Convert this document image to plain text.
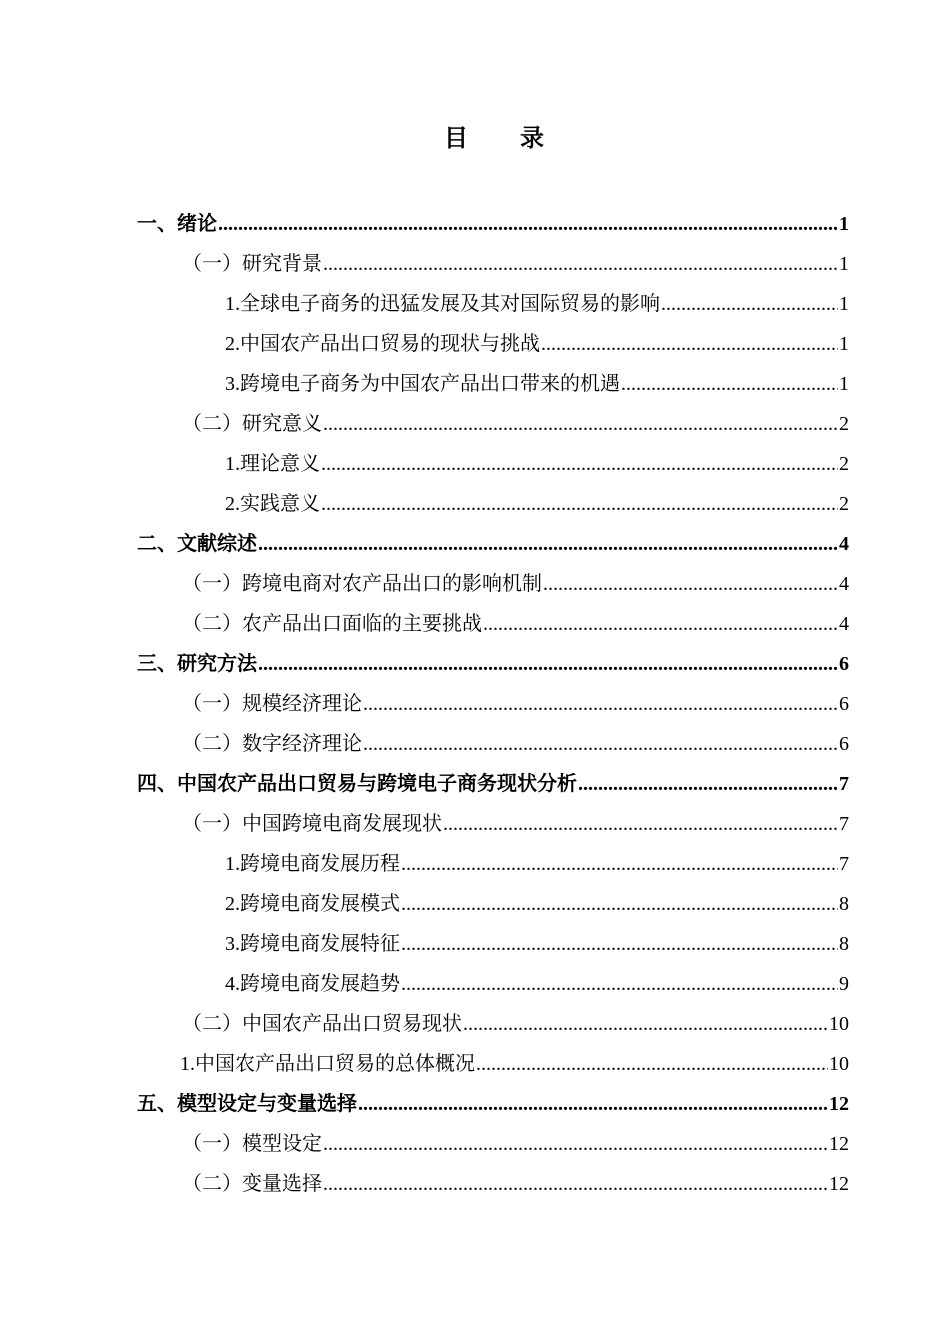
目 录
一、绪论 .....	1
（一）研究背景 .....	1
1.全球电子商务的迅猛发展及其对国际贸易的影响 .....	1
2.中国农产品出口贸易的现状与挑战 .....	1
3.跨境电子商务为中国农产品出口带来的机遇 .....	1
（二）研究意义 .....	2
1.理论意义 .....	2
2.实践意义 .....	2
二、文献综述 .....	4
（一）跨境电商对农产品出口的影响机制 .....	4
（二）农产品出口面临的主要挑战 .....	4
三、研究方法 .....	6
（一）规模经济理论 .....	6
（二）数字经济理论 .....	6
四、中国农产品出口贸易与跨境电子商务现状分析 .....	7
（一）中国跨境电商发展现状 .....	7
1.跨境电商发展历程 .....	7
2.跨境电商发展模式 .....	8
3.跨境电商发展特征 .....	8
4.跨境电商发展趋势 .....	9
（二）中国农产品出口贸易现状 .....	10
1.中国农产品出口贸易的总体概况 .....	10
五、模型设定与变量选择 .....	12
（一）模型设定 .....	12
（二）变量选择 .....	12
